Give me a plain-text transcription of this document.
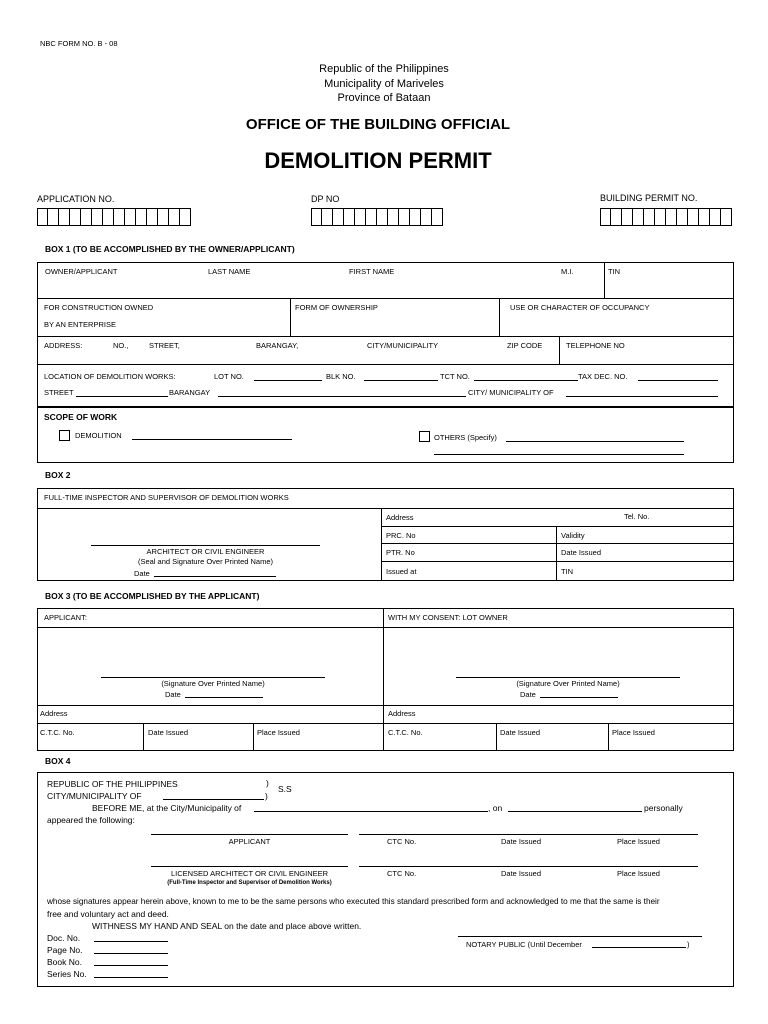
NBC FORM NO. B - 08
Republic of the Philippines
Municipality of Mariveles
Province of Bataan
OFFICE OF THE BUILDING OFFICIAL
DEMOLITION PERMIT
APPLICATION NO.	DP NO	BUILDING PERMIT NO.
BOX 1 (TO BE ACCOMPLISHED BY THE OWNER/APPLICANT)
OWNER/APPLICANT	LAST NAME	FIRST NAME	M.I.	TIN
FOR CONSTRUCTION OWNED
BY AN ENTERPRISE
FORM OF OWNERSHIP	USE OR CHARACTER OF OCCUPANCY
ADDRESS:	NO.,	STREET,	BARANGAY,	CITY/MUNICIPALITY	ZIP CODE	TELEPHONE NO
LOCATION OF DEMOLITION WORKS:	LOT NO.	BLK NO.	TCT NO.	TAX DEC. NO.
STREET	BARANGAY	CITY/ MUNICIPALITY OF
SCOPE OF WORK
DEMOLITION	OTHERS (Specify)
BOX 2
FULL-TIME INSPECTOR AND SUPERVISOR OF DEMOLITION WORKS
ARCHITECT OR CIVIL ENGINEER
(Seal and Signature Over Printed Name)
Date
Address	Tel. No.
PRC. No	Validity
PTR. No	Date Issued
Issued at	TIN
BOX 3 (TO BE ACCOMPLISHED BY THE APPLICANT)
APPLICANT:	WITH MY CONSENT: LOT OWNER
(Signature Over Printed Name)
Date
(Signature Over Printed Name)
Date
Address	Address
C.T.C. No.	Date Issued	Place Issued	C.T.C. No.	Date Issued	Place Issued
BOX 4
REPUBLIC OF THE PHILIPPINES	)
S.S
CITY/MUNICIPALITY OF	)
BEFORE ME, at the City/Municipality of	, on	personally
appeared the following:
APPLICANT	CTC No.	Date Issued	Place Issued
LICENSED ARCHITECT OR CIVIL ENGINEER
(Full-Time Inspector and Supervisor of Demolition Works)
CTC No.	Date Issued	Place Issued
whose signatures appear herein above, known to me to be the same persons who executed this standard prescribed form and acknowledged to me that the same is their
free and voluntary act and deed.
WITHNESS MY HAND AND SEAL on the date and place above written.
NOTARY PUBLIC (Until December	)
Doc. No.
Page No.
Book No.
Series No.
